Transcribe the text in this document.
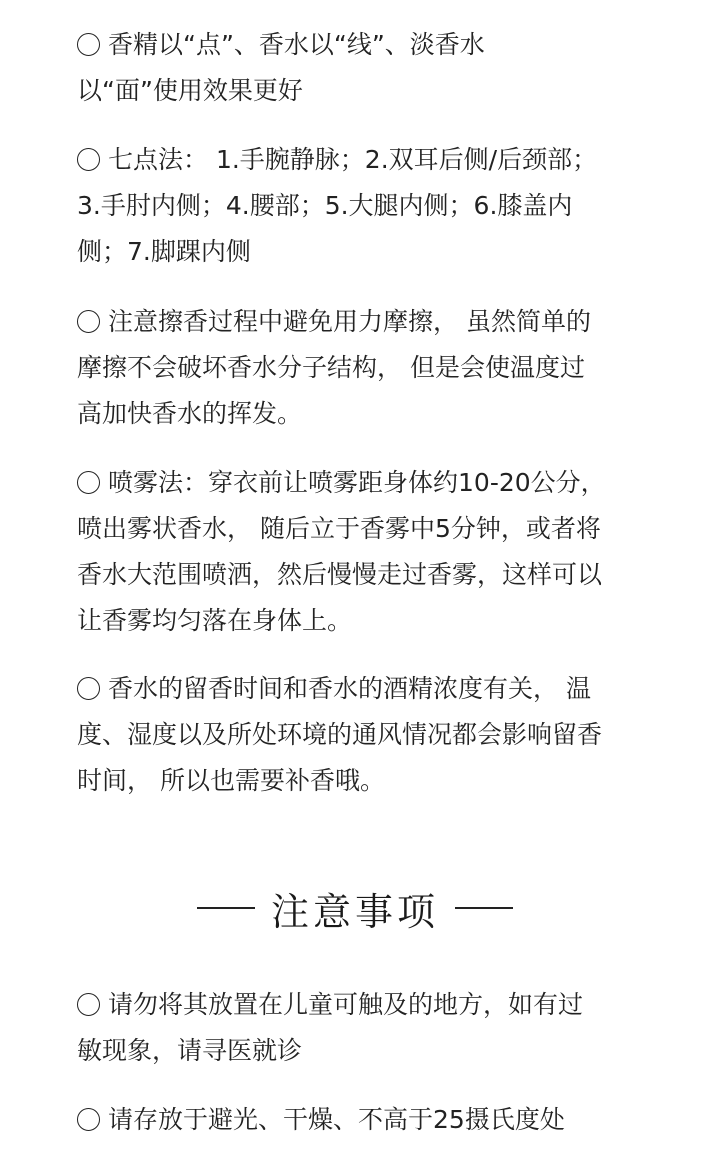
香精以“点”、香水以“线”、淡香水
以“面”使用效果更好
七点法： 1.手腕静脉；2.双耳后侧/后颈部；
3.手肘内侧；4.腰部；5.大腿内侧；6.膝盖内
侧；7.脚踝内侧
注意擦香过程中避免用力摩擦， 虽然简单的
摩擦不会破坏香水分子结构， 但是会使温度过
高加快香水的挥发。
喷雾法：穿衣前让喷雾距身体约10-20公分，
喷出雾状香水， 随后立于香雾中5分钟，或者将
香水大范围喷洒，然后慢慢走过香雾，这样可以
让香雾均匀落在身体上。
香水的留香时间和香水的酒精浓度有关， 温
度、湿度以及所处环境的通风情况都会影响留香
时间， 所以也需要补香哦。
注意事项
请勿将其放置在儿童可触及的地方，如有过
敏现象，请寻医就诊
请存放于避光、干燥、不高于25摄氏度处
